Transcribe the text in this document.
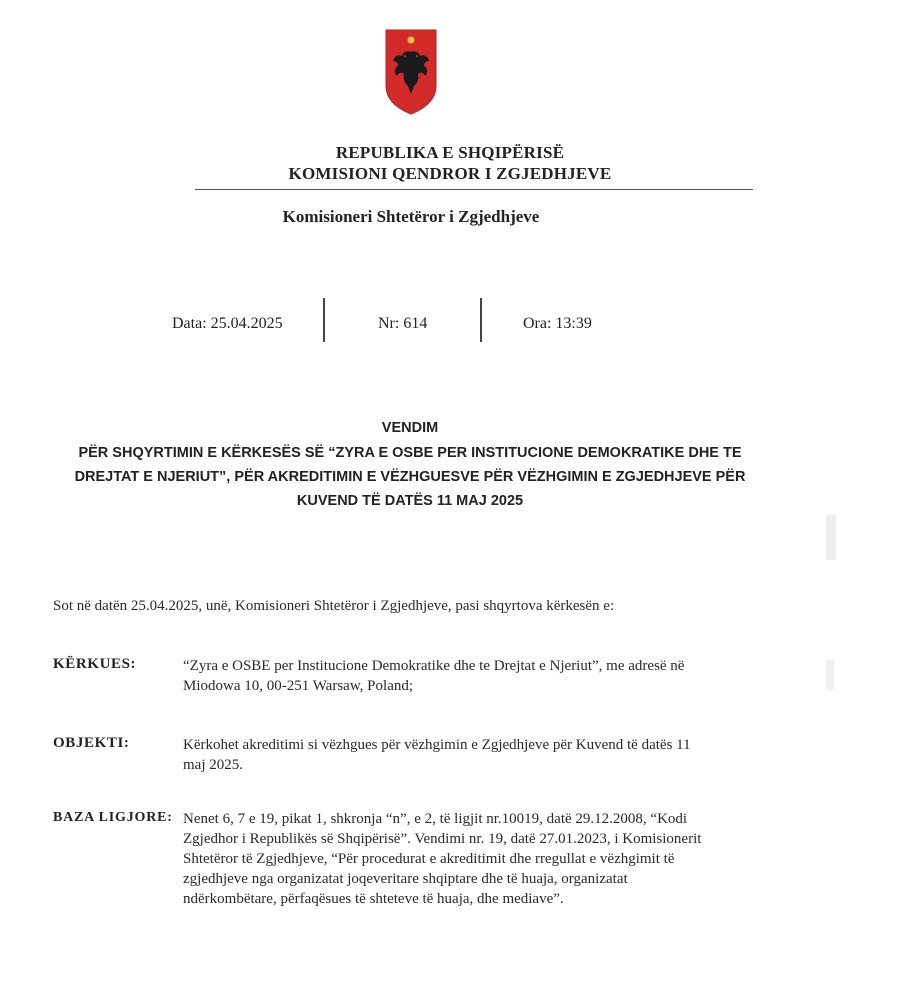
REPUBLIKA E SHQIPËRISË
KOMISIONI QENDROR I ZGJEDHJEVE
Komisioneri Shtetëror i Zgjedhjeve
Data: 25.04.2025	Nr: 614	Ora: 13:39
VENDIM
PËR SHQYRTIMIN E KËRKESËS SË “ZYRA E OSBE PER INSTITUCIONE DEMOKRATIKE DHE TE
DREJTAT E NJERIUT”, PËR AKREDITIMIN E VËZHGUESVE PËR VËZHGIMIN E ZGJEDHJEVE PËR
KUVEND TË DATËS 11 MAJ 2025
Sot në datën 25.04.2025, unë, Komisioneri Shtetëror i Zgjedhjeve, pasi shqyrtova kërkesën e:
KËRKUES:	“Zyra e OSBE per Institucione Demokratike dhe te Drejtat e Njeriut”, me adresë në
Miodowa 10, 00-251 Warsaw, Poland;
OBJEKTI:	Kërkohet akreditimi si vëzhgues për vëzhgimin e Zgjedhjeve për Kuvend të datës 11
maj 2025.
BAZA LIGJORE: Nenet 6, 7 e 19, pikat 1, shkronja “n”, e 2, të ligjit nr.10019, datë 29.12.2008, “Kodi
Zgjedhor i Republikës së Shqipërisë”. Vendimi nr. 19, datë 27.01.2023, i Komisionerit
Shtetëror të Zgjedhjeve, “Për procedurat e akreditimit dhe rregullat e vëzhgimit të
zgjedhjeve nga organizatat joqeveritare shqiptare dhe të huaja, organizatat
ndërkombëtare, përfaqësues të shteteve të huaja, dhe mediave”.
